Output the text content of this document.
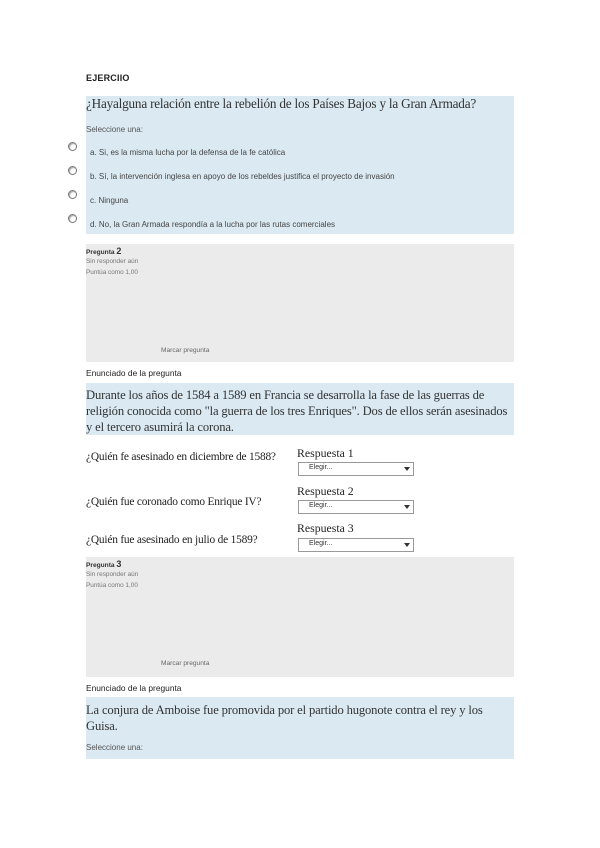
EJERCIIO
¿Hayalguna relación entre la rebelión de los Países Bajos y la Gran Armada?
Seleccione una:
a. Si, es la misma lucha por la defensa de la fe católica
b. Sí, la intervención inglesa en apoyo de los rebeldes justifica el proyecto de invasión
c. Ninguna
d. No, la Gran Armada respondía a la lucha por las rutas comerciales
Pregunta 2
Sin responder aún
Puntúa como 1,00
Marcar pregunta
Enunciado de la pregunta
Durante los años de 1584 a 1589 en Francia se desarrolla la fase de las guerras de religión conocida como "la guerra de los tres Enriques". Dos de ellos serán asesinados y el tercero asumirá la corona.
¿Quién fe asesinado en diciembre de 1588?	Respuesta 1
Elegir...
¿Quién fue coronado como Enrique IV?
Respuesta 2
Elegir...
¿Quién fue asesinado en julio de 1589?
Respuesta 3
Elegir...
Pregunta 3
Sin responder aún
Puntúa como 1,00
Marcar pregunta
Enunciado de la pregunta
La conjura de Amboise fue promovida por el partido hugonote contra el rey y los Guisa.
Seleccione una:
